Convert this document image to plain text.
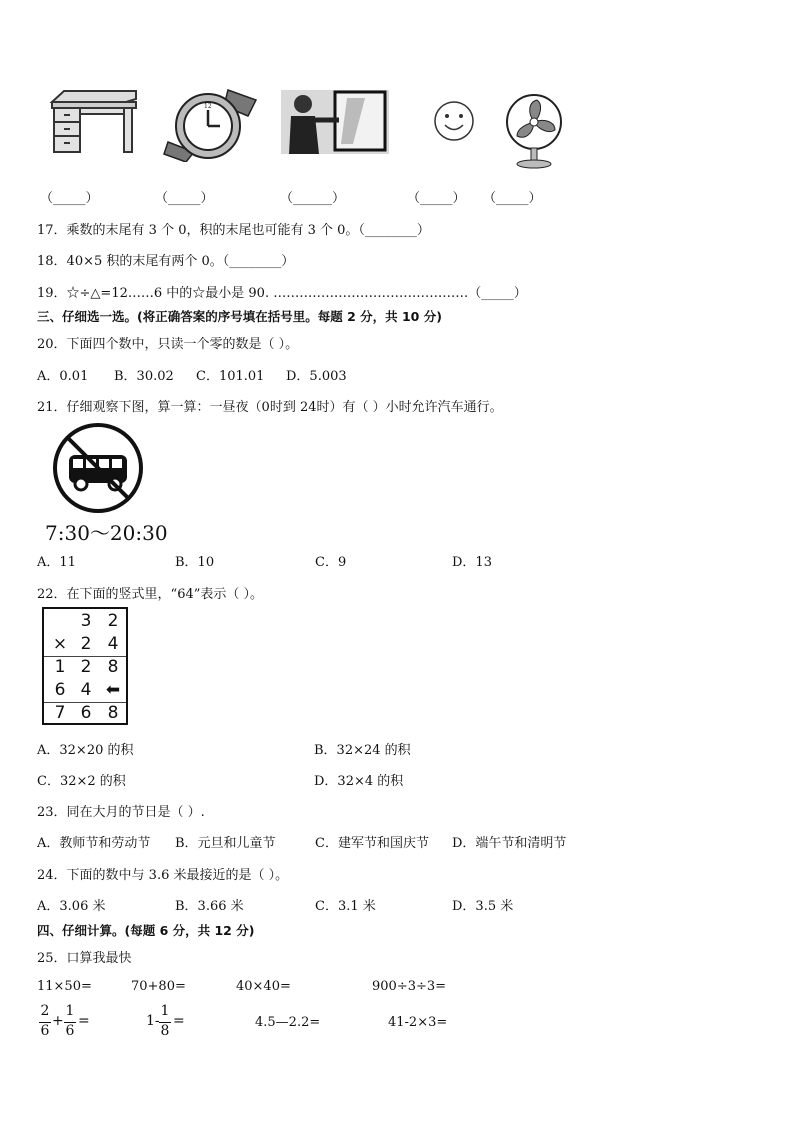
12
（_____）	（_____）	（______）	（_____） （_____）
17．乘数的末尾有 3 个 0，积的末尾也可能有 3 个 0。（________）
18．40×5 积的末尾有两个 0。（________）
19．☆÷△=12……6 中的☆最小是 90. ………………………………………（_____）
三、仔细选一选。(将正确答案的序号填在括号里。每题 2 分，共 10 分)
20．下面四个数中，只读一个零的数是（ ）。
A．0.01 B．30.02 C．101.01 D．5.003
21．仔细观察下图，算一算：一昼夜（0时到 24时）有（ ）小时允许汽车通行。
7:30～20:30
A．11	B．10	C．9	D．13
22．在下面的竖式里，“64”表示（ ）。
3 2
× 2 4
1 2 8
6 4 ⬅
7 6 8
A．32×20 的积	B．32×24 的积
C．32×2 的积	D．32×4 的积
23．同在大月的节日是（ ）.
A．教师节和劳动节 B．元旦和儿童节	C．建军节和国庆节 D．端午节和清明节
24．下面的数中与 3.6 米最接近的是（ ）。
A．3.06 米	B．3.66 米	C．3.1 米	D．3.5 米
四、仔细计算。(每题 6 分，共 12 分)
25．口算我最快
11×50=	70+80=	40×40=	900÷3÷3=
2
6
+
1
6
=	1-
1
8
=	4.5—2.2=	41-2×3=
